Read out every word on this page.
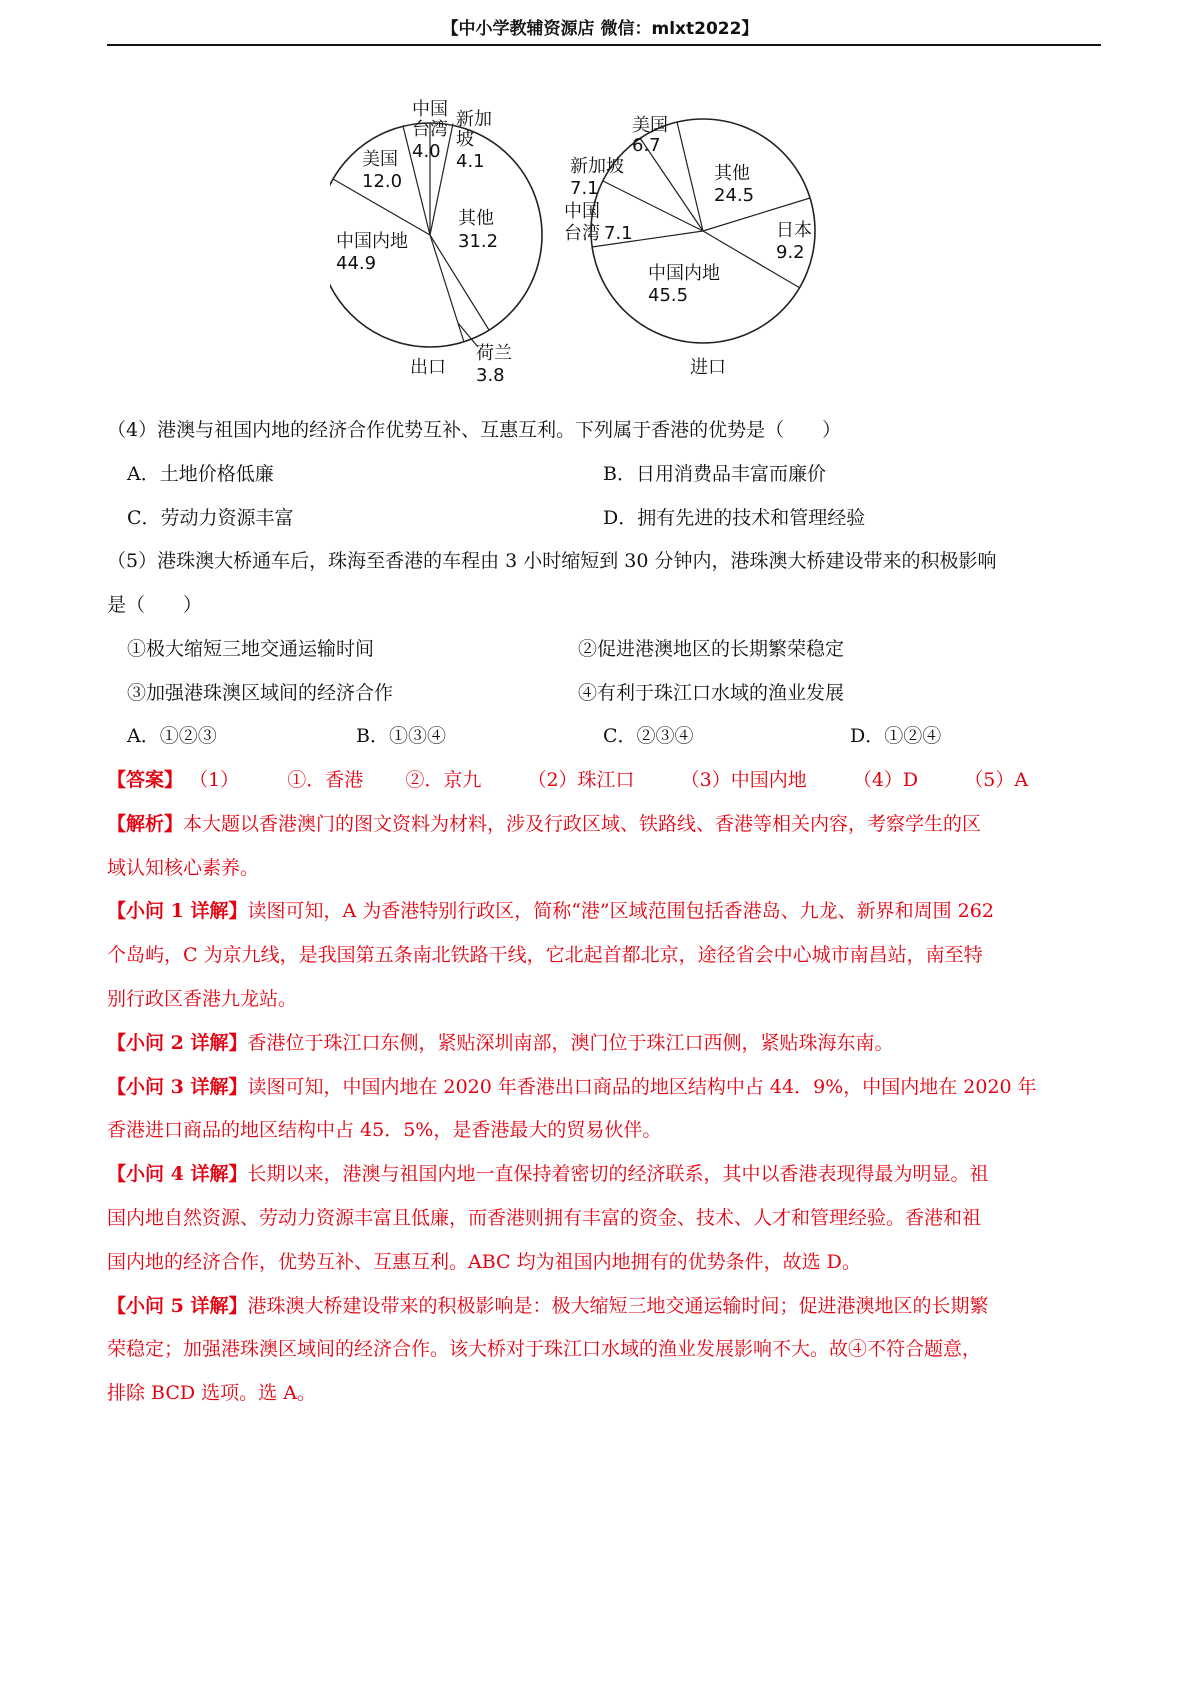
【中小学教辅资源店 微信：mlxt2022】
其他
31.2
荷兰
3.8
中国内地
44.9
美国
12.0
中国
台湾
4.0
新加
坡
4.1
出口
其他
24.5
日本
9.2
中国内地
45.5
中国
台湾 7.1
新加坡
7.1
美国
6.7
进口
（4）港澳与祖国内地的经济合作优势互补、互惠互利。下列属于香港的优势是（　　）
A．土地价格低廉	B．日用消费品丰富而廉价
C．劳动力资源丰富	D．拥有先进的技术和管理经验
（5）港珠澳大桥通车后，珠海至香港的车程由 3 小时缩短到 30 分钟内，港珠澳大桥建设带来的积极影响
是（　　）
①极大缩短三地交通运输时间	②促进港澳地区的长期繁荣稳定
③加强港珠澳区域间的经济合作	④有利于珠江口水域的渔业发展
A．①②③	B．①③④	C．②③④	D．①②④
【答案】 （1）	①．香港 ②．京九 （2）珠江口 （3）中国内地 （4）D （5）A
【解析】本大题以香港澳门的图文资料为材料，涉及行政区域、铁路线、香港等相关内容，考察学生的区
域认知核心素养。
【小问 1 详解】读图可知，A 为香港特别行政区，简称“港”区域范围包括香港岛、九龙、新界和周围 262
个岛屿，C 为京九线，是我国第五条南北铁路干线，它北起首都北京，途径省会中心城市南昌站，南至特
别行政区香港九龙站。
【小问 2 详解】香港位于珠江口东侧，紧贴深圳南部，澳门位于珠江口西侧，紧贴珠海东南。
【小问 3 详解】读图可知，中国内地在 2020 年香港出口商品的地区结构中占 44．9%，中国内地在 2020 年
香港进口商品的地区结构中占 45．5%，是香港最大的贸易伙伴。
【小问 4 详解】长期以来，港澳与祖国内地一直保持着密切的经济联系，其中以香港表现得最为明显。祖
国内地自然资源、劳动力资源丰富且低廉，而香港则拥有丰富的资金、技术、人才和管理经验。香港和祖
国内地的经济合作，优势互补、互惠互利。ABC 均为祖国内地拥有的优势条件，故选 D。
【小问 5 详解】港珠澳大桥建设带来的积极影响是：极大缩短三地交通运输时间；促进港澳地区的长期繁
荣稳定；加强港珠澳区域间的经济合作。该大桥对于珠江口水域的渔业发展影响不大。故④不符合题意，
排除 BCD 选项。选 A。
